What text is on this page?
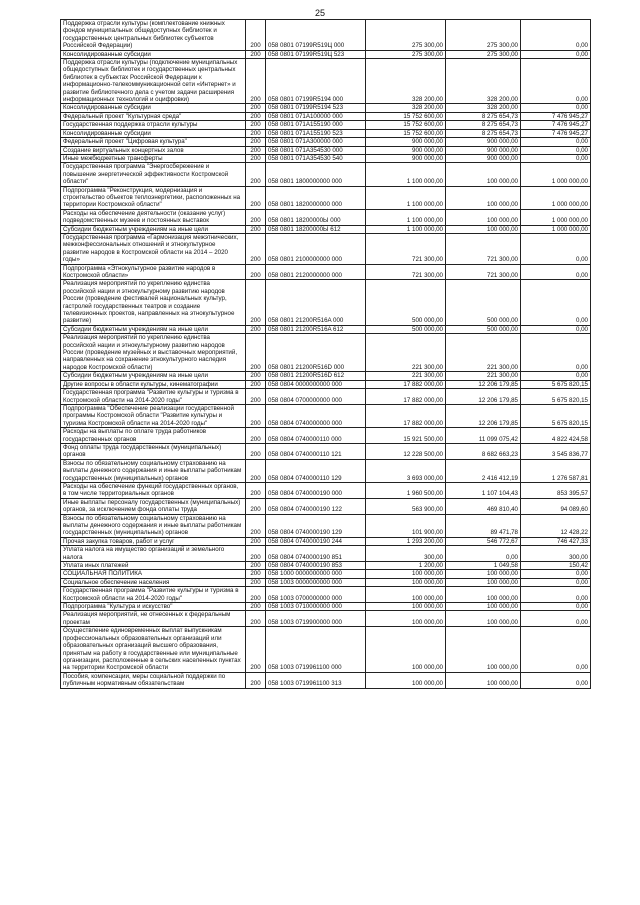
25
Поддержка отрасли культуры (комплектование книжных фондов муниципальных общедоступных библиотек и государственных центральных библиотек субъектов Российской Федерации)	200	058 0801 07199R519Ц 000	275 300,00	275 300,00	0,00
Консолидированные субсидии	200	058 0801 07199R519Ц 523	275 300,00	275 300,00	0,00
Поддержка отрасли культуры (подключение муниципальных общедоступных библиотек и государственных центральных библиотек в субъектах Российской Федерации к информационно-телекоммуникационной сети «Интернет» и развитие библиотечного дела с учетом задачи расширения информационных технологий и оцифровки)	200	058 0801 07199R5194 000	328 200,00	328 200,00	0,00
Консолидированные субсидии	200	058 0801 07199R5194 523	328 200,00	328 200,00	0,00
Федеральный проект "Культурная среда"	200	058 0801 071A100000 000	15 752 600,00	8 275 654,73	7 476 945,27
Государственная поддержка отрасли культуры	200	058 0801 071A155190 000	15 752 600,00	8 275 654,73	7 476 945,27
Консолидированные субсидии	200	058 0801 071A155190 523	15 752 600,00	8 275 654,73	7 476 945,27
Федеральный проект "Цифровая культура"	200	058 0801 071A300000 000	900 000,00	900 000,00	0,00
Создание виртуальных концертных залов	200	058 0801 071A354530 000	900 000,00	900 000,00	0,00
Иные межбюджетные трансферты	200	058 0801 071A354530 540	900 000,00	900 000,00	0,00
Государственная программа "Энергосбережение и повышение энергетической эффективности Костромской области"	200	058 0801 1800000000 000	1 100 000,00	100 000,00	1 000 000,00
Подпрограмма "Реконструкция, модернизация и строительство объектов теплоэнергетики, расположенных на территории Костромской области"	200	058 0801 1820000000 000	1 100 000,00	100 000,00	1 000 000,00
Расходы на обеспечение деятельности (оказание услуг) подведомственных музеев и постоянных выставок	200	058 0801 18200000Ы 000	1 100 000,00	100 000,00	1 000 000,00
Субсидии бюджетным учреждениям на иные цели	200	058 0801 18200000Ы 612	1 100 000,00	100 000,00	1 000 000,00
Государственная программа «Гармонизация межэтнических, межконфессиональных отношений и этнокультурное развитие народов в Костромской области на 2014 – 2020 годы»	200	058 0801 2100000000 000	721 300,00	721 300,00	0,00
Подпрограмма «Этнокультурное развитие народов в Костромской области»	200	058 0801 2120000000 000	721 300,00	721 300,00	0,00
Реализация мероприятий по укреплению единства российской нации и этнокультурному развитию народов России (проведение фестивалей национальных культур, гастролей государственных театров и создание телевизионных проектов, направленных на этнокультурное развитие)	200	058 0801 21200R516A 000	500 000,00	500 000,00	0,00
Субсидии бюджетным учреждениям на иные цели	200	058 0801 21200R516A 612	500 000,00	500 000,00	0,00
Реализация мероприятий по укреплению единства российской нации и этнокультурному развитию народов России (проведение музейных и выставочных мероприятий, направленных на сохранение этнокультурного наследия народов Костромской области)	200	058 0801 21200R516D 000	221 300,00	221 300,00	0,00
Субсидии бюджетным учреждениям на иные цели	200	058 0801 21200R516D 612	221 300,00	221 300,00	0,00
Другие вопросы в области культуры, кинематографии	200	058 0804 0000000000 000	17 882 000,00	12 206 179,85	5 675 820,15
Государственная программа "Развитие культуры и туризма в Костромской области на 2014-2020 годы"	200	058 0804 0700000000 000	17 882 000,00	12 206 179,85	5 675 820,15
Подпрограмма "Обеспечение реализации государственной программы Костромской области "Развитие культуры и туризма Костромской области на 2014-2020 годы"	200	058 0804 0740000000 000	17 882 000,00	12 206 179,85	5 675 820,15
Расходы на выплаты по оплате труда работников государственных органов	200	058 0804 0740000110 000	15 921 500,00	11 099 075,42	4 822 424,58
Фонд оплаты труда государственных (муниципальных) органов	200	058 0804 0740000110 121	12 228 500,00	8 682 663,23	3 545 836,77
Взносы по обязательному социальному страхованию на выплаты денежного содержания и иные выплаты работникам государственных (муниципальных) органов	200	058 0804 0740000110 129	3 693 000,00	2 416 412,19	1 276 587,81
Расходы на обеспечение функций государственных органов, в том числе территориальных органов	200	058 0804 0740000190 000	1 960 500,00	1 107 104,43	853 395,57
Иные выплаты персоналу государственных (муниципальных) органов, за исключением фонда оплаты труда	200	058 0804 0740000190 122	563 900,00	469 810,40	94 089,60
Взносы по обязательному социальному страхованию на выплаты денежного содержания и иные выплаты работникам государственных (муниципальных) органов	200	058 0804 0740000190 129	101 900,00	89 471,78	12 428,22
Прочая закупка товаров, работ и услуг	200	058 0804 0740000190 244	1 293 200,00	546 772,67	746 427,33
Уплата налога на имущество организаций и земельного налога	200	058 0804 0740000190 851	300,00	0,00	300,00
Уплата иных платежей	200	058 0804 0740000190 853	1 200,00	1 049,58	150,42
СОЦИАЛЬНАЯ ПОЛИТИКА	200	058 1000 0000000000 000	100 000,00	100 000,00	0,00
Социальное обеспечение населения	200	058 1003 0000000000 000	100 000,00	100 000,00	0,00
Государственная программа "Развитие культуры и туризма в Костромской области на 2014-2020 годы"	200	058 1003 0700000000 000	100 000,00	100 000,00	0,00
Подпрограмма "Культура и искусство"	200	058 1003 0710000000 000	100 000,00	100 000,00	0,00
Реализация мероприятий, не отнесенных к федеральным проектам	200	058 1003 0719900000 000	100 000,00	100 000,00	0,00
Осуществление единовременных выплат выпускникам профессиональных образовательных организаций или образовательных организаций высшего образования, принятым на работу в государственные или муниципальные организации, расположенные в сельских населенных пунктах на территории Костромской области	200	058 1003 0719961100 000	100 000,00	100 000,00	0,00
Пособия, компенсации, меры социальной поддержки по публичным нормативным обязательствам	200	058 1003 0719961100 313	100 000,00	100 000,00	0,00
